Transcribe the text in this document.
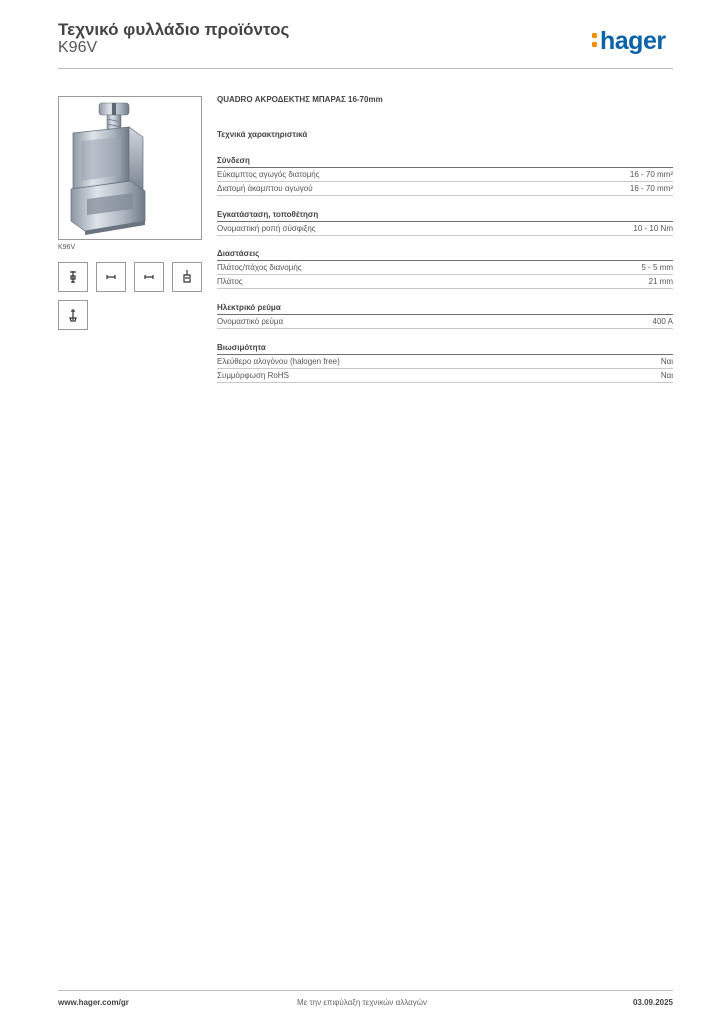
Τεχνικό φυλλάδιο προϊόντος
K96V	hager
K96V
QUADRO ΑΚΡΟΔΕΚΤΗΣ ΜΠΑΡΑΣ 16-70mm
Τεχνικά χαρακτηριστικά
Σύνδεση
Εύκαμπτος αγωγός διατομής	16 - 70 mm²
Διατομή άκαμπτου αγωγού	16 - 70 mm²
Εγκατάσταση, τοποθέτηση
Ονομαστική ροπή σύσφιξης	10 - 10 Nm
Διαστάσεις
Πλάτος/πάχος διανομής	5 - 5 mm
Πλάτος	21 mm
Ηλεκτρικό ρεύμα
Ονομαστικό ρεύμα	400 A
Βιωσιμότητα
Ελεύθερο αλογόνου (halogen free)	Ναι
Συμμόρφωση RoHS	Ναι
www.hager.com/gr	Με την επιφύλαξη τεχνικών αλλαγών	03.09.2025
